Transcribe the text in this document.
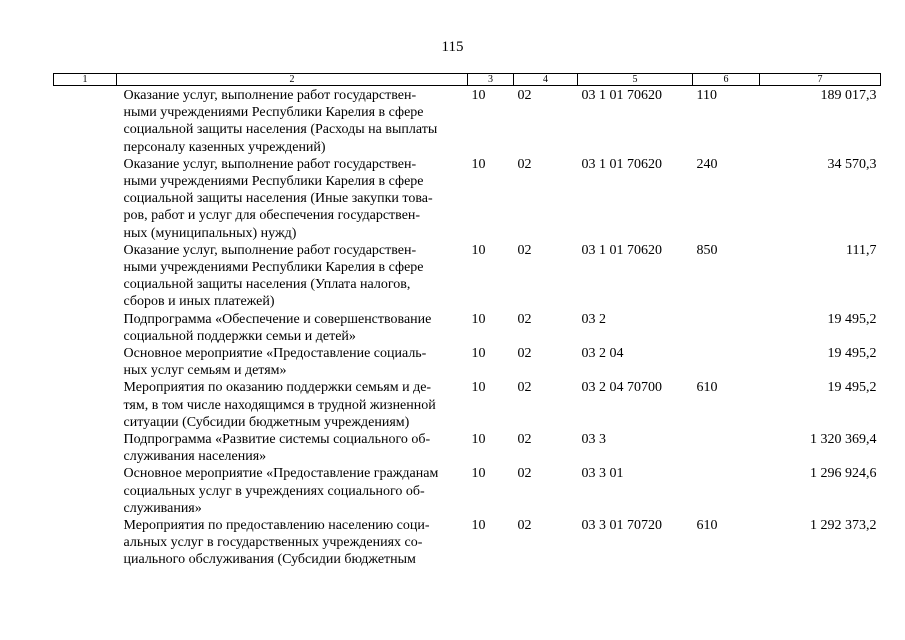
115
1	2	3	4	5	6	7

	Оказание услуг, выполнение работ государствен-
ными учреждениями Республики Карелия в сфере
социальной защиты населения (Расходы на выплаты
персоналу казенных учреждений)	10	02	03 1 01 70620	110	189 017,3

	Оказание услуг, выполнение работ государствен-
ными учреждениями Республики Карелия в сфере
социальной защиты населения (Иные закупки това-
ров, работ и услуг для обеспечения государствен-
ных (муниципальных) нужд)	10	02	03 1 01 70620	240	34 570,3

	Оказание услуг, выполнение работ государствен-
ными учреждениями Республики Карелия в сфере
социальной защиты населения (Уплата налогов,
сборов и иных платежей)	10	02	03 1 01 70620	850	111,7

	Подпрограмма «Обеспечение и совершенствование
социальной поддержки семьи и детей»	10	02	03 2		19 495,2

	Основное мероприятие «Предоставление социаль-
ных услуг семьям и детям»	10	02	03 2 04		19 495,2

	Мероприятия по оказанию поддержки семьям и де-
тям, в том числе находящимся в трудной жизненной
ситуации (Субсидии бюджетным учреждениям)	10	02	03 2 04 70700	610	19 495,2

	Подпрограмма «Развитие системы социального об-
служивания населения»	10	02	03 3		1 320 369,4

	Основное мероприятие «Предоставление гражданам
социальных услуг в учреждениях социального об-
служивания»	10	02	03 3 01		1 296 924,6

	Мероприятия по предоставлению населению соци-
альных услуг в государственных учреждениях со-
циального обслуживания (Субсидии бюджетным	10	02	03 3 01 70720	610	1 292 373,2
